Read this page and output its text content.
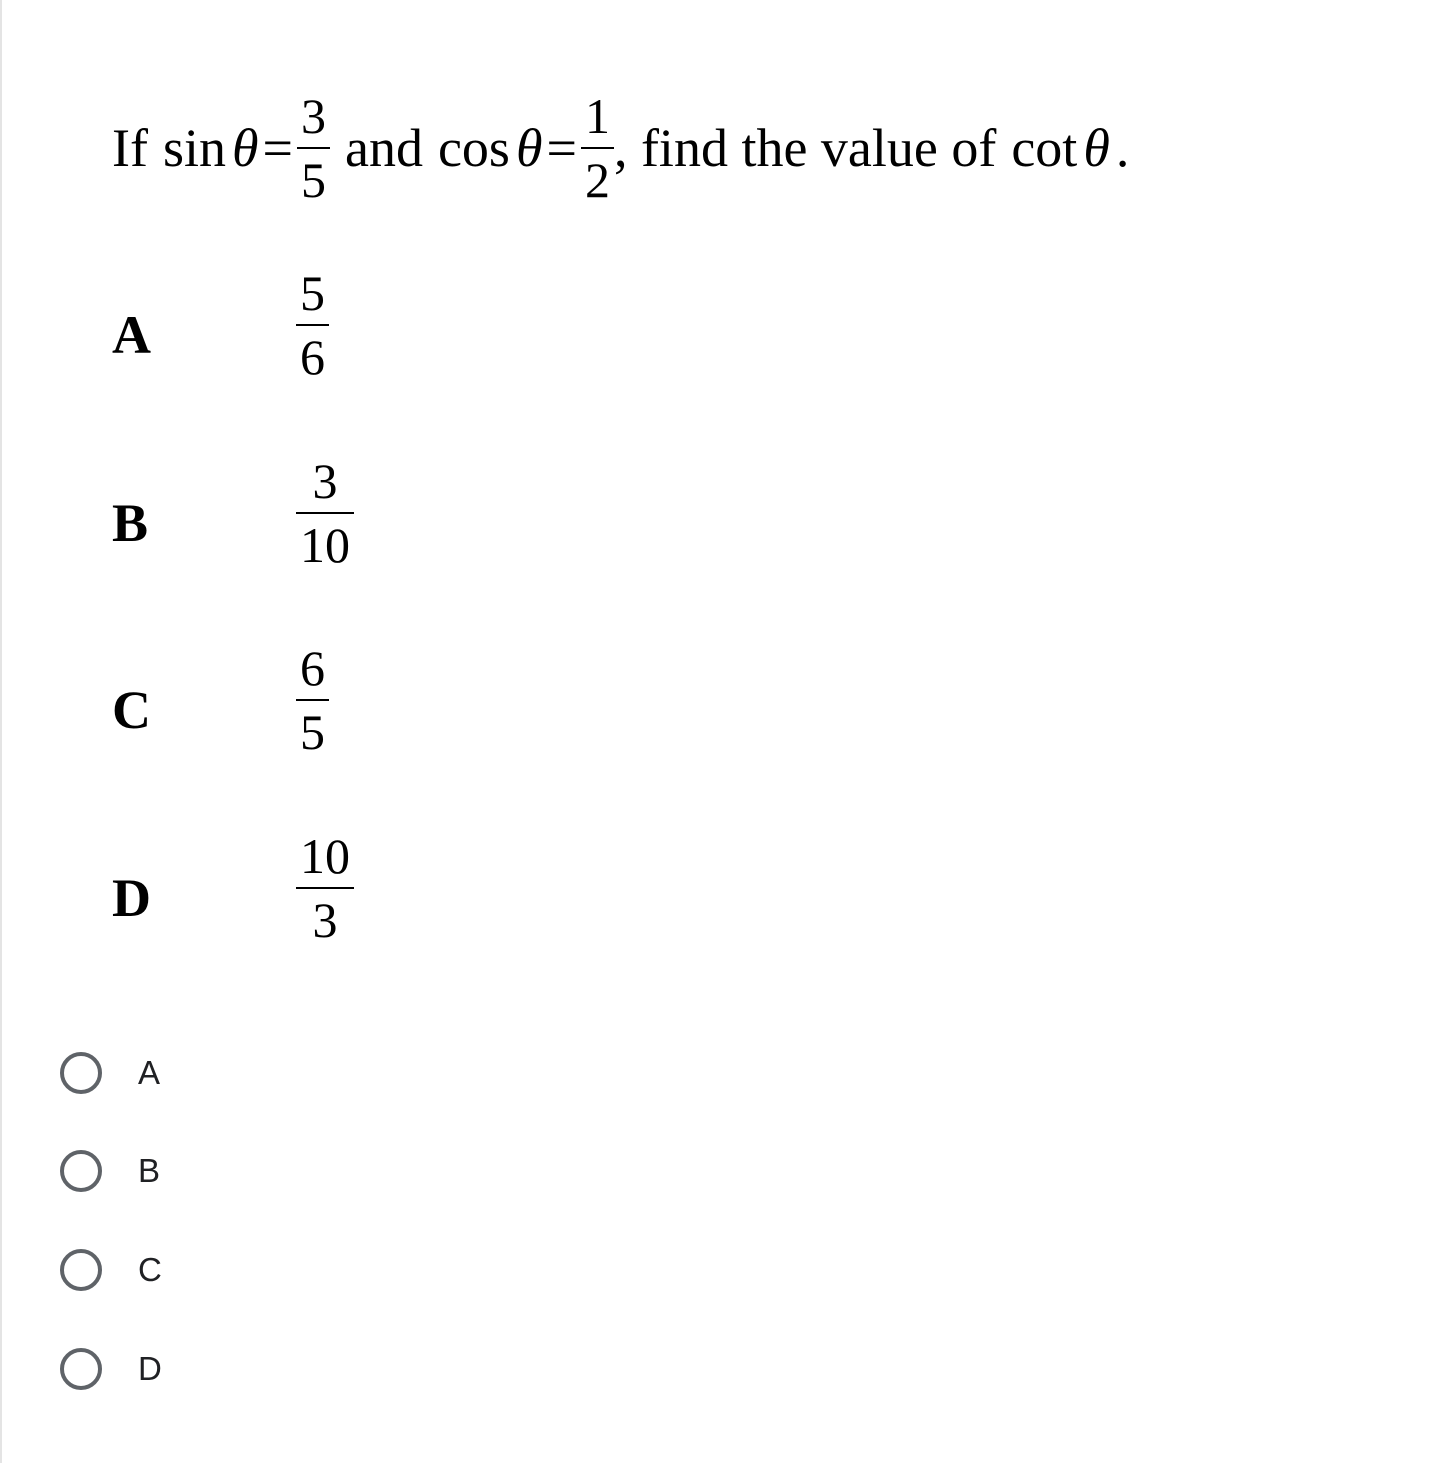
If $\sin \theta = \frac{3}{5}$ and $\cos \theta = \frac{1}{2}$ , find the value of cot θ .
A	$\frac{5}{6}$
B	$\frac{3}{10}$
C	$\frac{6}{5}$
D	$\frac{10}{3}$
A
B
C
D
